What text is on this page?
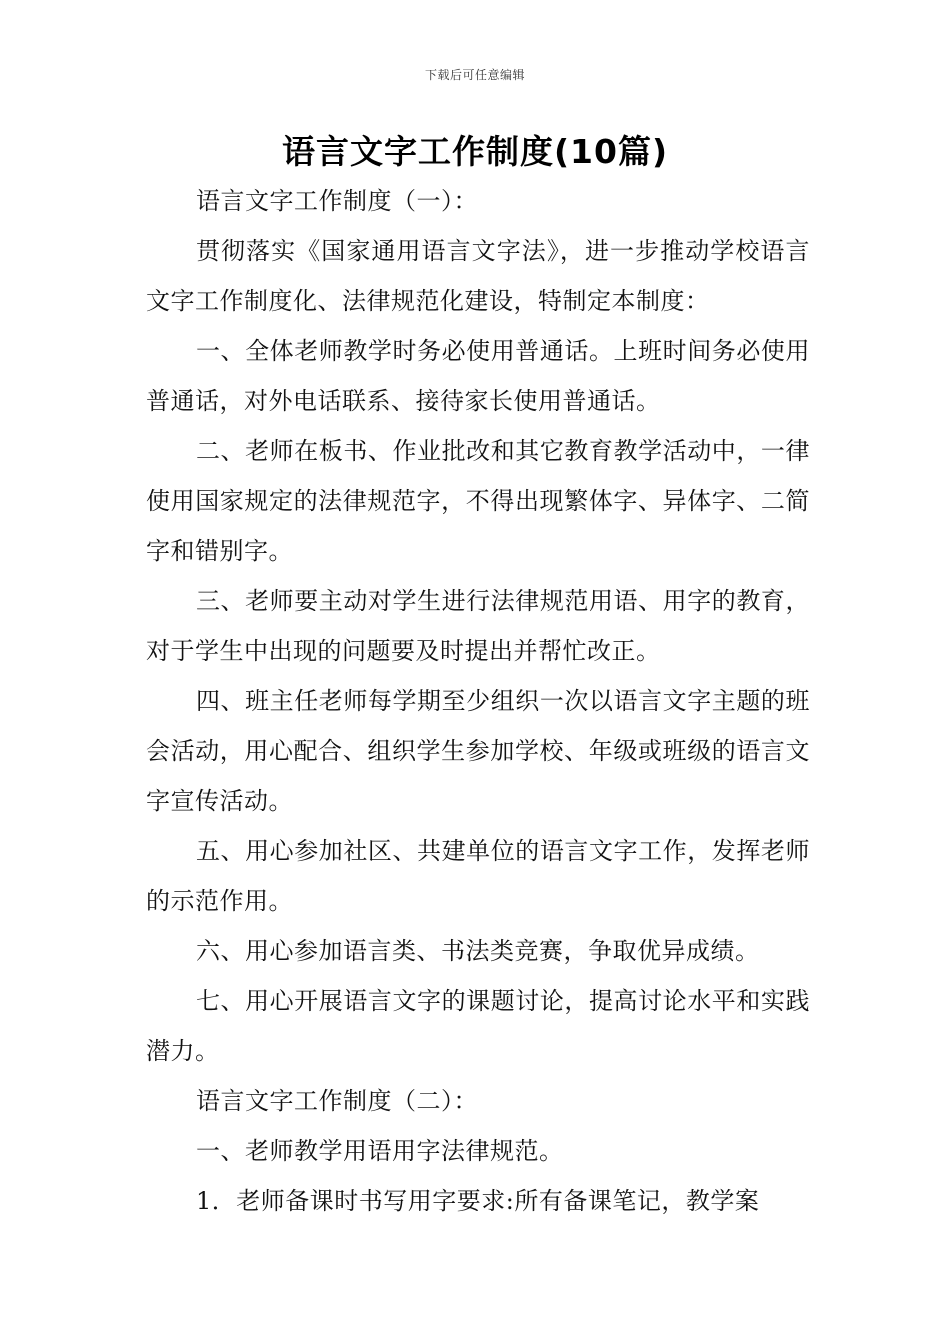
下载后可任意编辑
语言文字工作制度(10篇)

语言文字工作制度（一）：

贯彻落实《国家通用语言文字法》，进一步推动学校语言文字工作制度化、法律规范化建设，特制定本制度：

一、全体老师教学时务必使用普通话。上班时间务必使用普通话，对外电话联系、接待家长使用普通话。

二、老师在板书、作业批改和其它教育教学活动中，一律使用国家规定的法律规范字，不得出现繁体字、异体字、二简字和错别字。

三、老师要主动对学生进行法律规范用语、用字的教育，对于学生中出现的问题要及时提出并帮忙改正。

四、班主任老师每学期至少组织一次以语言文字主题的班会活动，用心配合、组织学生参加学校、年级或班级的语言文字宣传活动。

五、用心参加社区、共建单位的语言文字工作，发挥老师的示范作用。

六、用心参加语言类、书法类竞赛，争取优异成绩。

七、用心开展语言文字的课题讨论，提高讨论水平和实践潜力。

语言文字工作制度（二）：

一、老师教学用语用字法律规范。

1．老师备课时书写用字要求:所有备课笔记，教学案
